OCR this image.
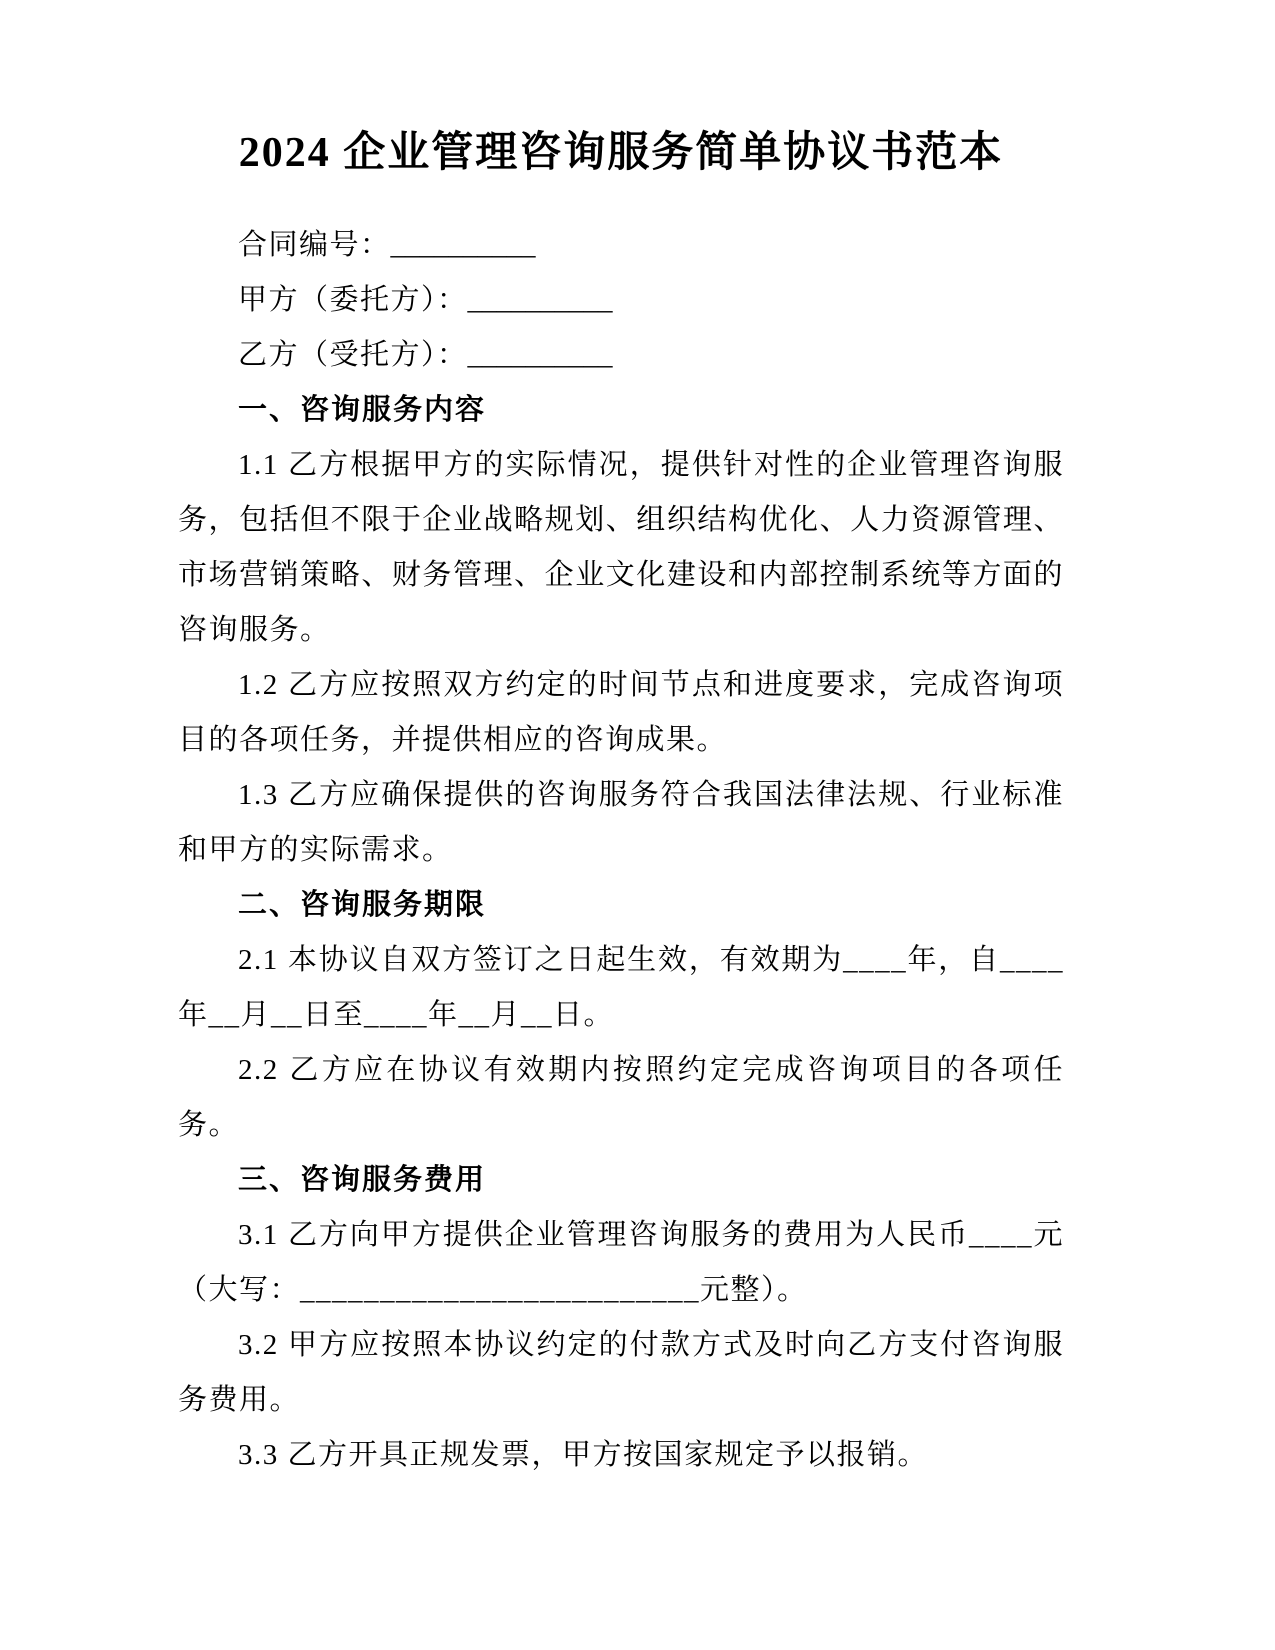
2024 企业管理咨询服务简单协议书范本

合同编号：__________

甲方（委托方）：__________

乙方（受托方）：__________

一、咨询服务内容

1.1 乙方根据甲方的实际情况，提供针对性的企业管理咨询服务，包括但不限于企业战略规划、组织结构优化、人力资源管理、市场营销策略、财务管理、企业文化建设和内部控制系统等方面的咨询服务。

1.2 乙方应按照双方约定的时间节点和进度要求，完成咨询项目的各项任务，并提供相应的咨询成果。

1.3 乙方应确保提供的咨询服务符合我国法律法规、行业标准和甲方的实际需求。

二、咨询服务期限

2.1 本协议自双方签订之日起生效，有效期为____年，自____年__月__日至____年__月__日。

2.2 乙方应在协议有效期内按照约定完成咨询项目的各项任务。

三、咨询服务费用

3.1 乙方向甲方提供企业管理咨询服务的费用为人民币____元（大写：_________________________元整）。

3.2 甲方应按照本协议约定的付款方式及时向乙方支付咨询服务费用。

3.3 乙方开具正规发票，甲方按国家规定予以报销。
